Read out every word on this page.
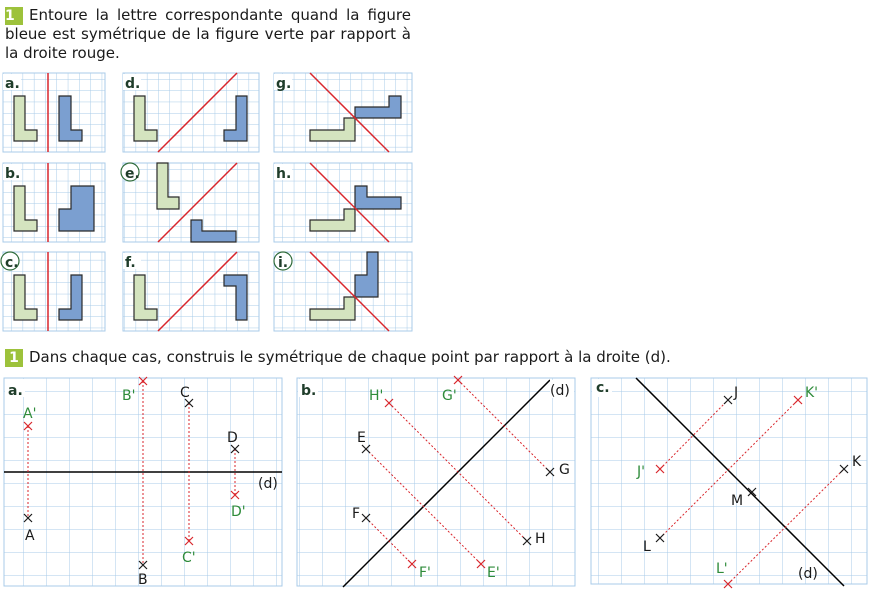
1 Entoure la lettre correspondante quand la figure bleue est symétrique de la figure verte par rapport à la droite rouge.
1 Dans chaque cas, construis le symétrique de chaque point par rapport à la droite (d).
a.	d.	g.
b.	e.	h.
c.	f.	i.
a.
(d)
A
B
C
D
A'
B'
C'
D'
b.	(d)
E
F
G
H
E'
F'
G'
H'	c.
(d)
J
K
L
M
J'
K'
L'
